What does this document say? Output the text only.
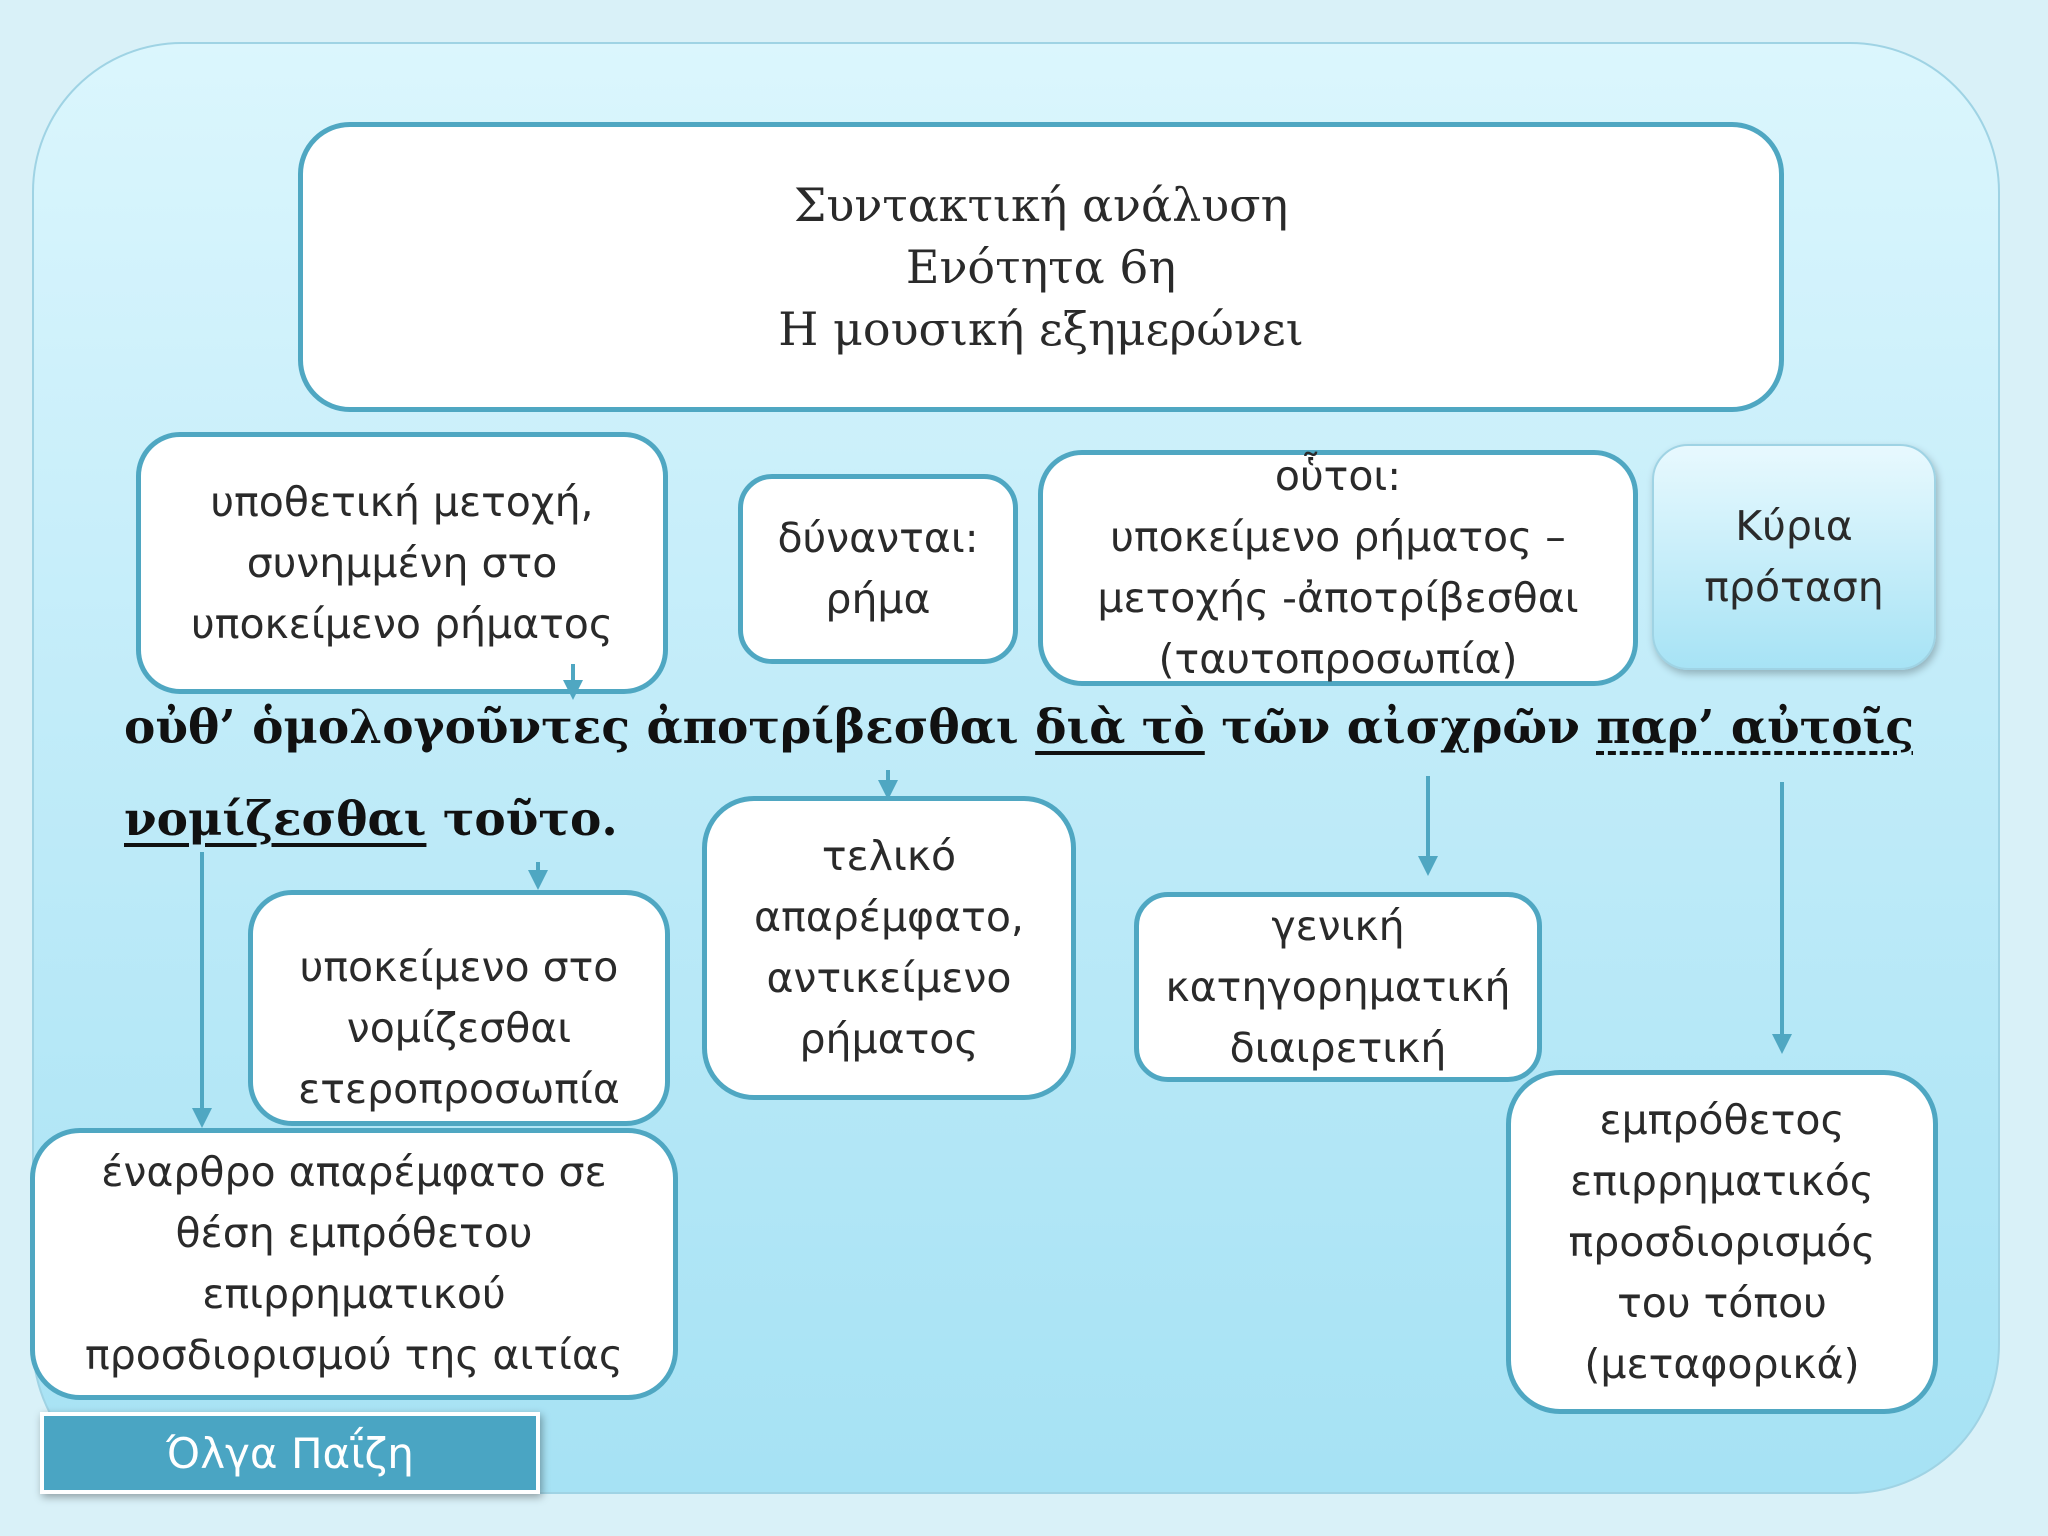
Συντακτική ανάλυση
Ενότητα 6η
Η μουσική εξημερώνει
υποθετική μετοχή,
συνημμένη στο
υποκείμενο ρήματος
δύνανται:
ρήμα
οὗτοι:
υποκείμενο ρήματος –
μετοχής -ἀποτρίβεσθαι
(ταυτοπροσωπία)
Κύρια
πρόταση
οὐθ’ ὁμολογοῦντες ἀποτρίβεσθαι διὰ τὸ τῶν αἰσχρῶν παρ’ αὐτοῖς
νομίζεσθαι τοῦτο.
υποκείμενο στο
νομίζεσθαι
ετεροπροσωπία
τελικό
απαρέμφατο,
αντικείμενο
ρήματος
γενική
κατηγορηματική
διαιρετική
έναρθρο απαρέμφατο σε
θέση εμπρόθετου
επιρρηματικού
προσδιορισμού της αιτίας
εμπρόθετος
επιρρηματικός
προσδιορισμός
του τόπου
(μεταφορικά)
Όλγα Παΐζη
